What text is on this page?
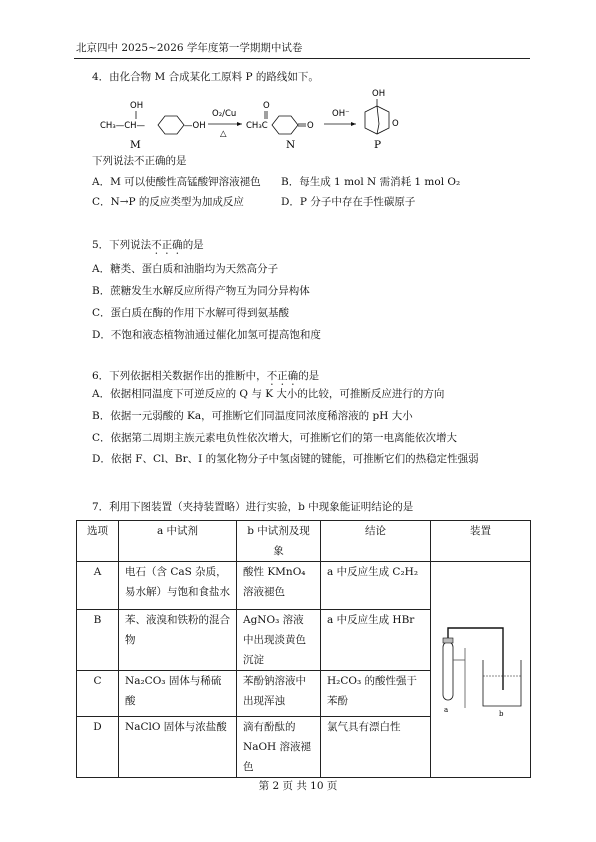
北京四中 2025~2026 学年度第一学期期中试卷
4．由化合物 M 合成某化工原料 P 的路线如下。
CH₃—CH—
OH
—OH
O₂/Cu
△
CH₃C
O
O
OH⁻
OH
O
M	N	P
下列说法不正确的是
A．M 可以使酸性高锰酸钾溶液褪色 B．每生成 1 mol N 需消耗 1 mol O₂
C．N→P 的反应类型为加成反应	D．P 分子中存在手性碳原子
5．下列说法不正确的是
A．糖类、蛋白质和油脂均为天然高分子
B．蔗糖发生水解反应所得产物互为同分异构体
C．蛋白质在酶的作用下水解可得到氨基酸
D．不饱和液态植物油通过催化加氢可提高饱和度
6．下列依据相关数据作出的推断中，不正确的是
A．依据相同温度下可逆反应的 Q 与 K 大小的比较，可推断反应进行的方向
B．依据一元弱酸的 Ka，可推断它们同温度同浓度稀溶液的 pH 大小
C．依据第二周期主族元素电负性依次增大，可推断它们的第一电离能依次增大
D．依据 F、Cl、Br、I 的氢化物分子中氢卤键的键能，可推断它们的热稳定性强弱
7．利用下图装置（夹持装置略）进行实验，b 中现象能证明结论的是
选项	a 中试剂	b 中试剂及现象	结论	装置
A	电石（含 CaS 杂质，易水解）与饱和食盐水	酸性 KMnO₄ 溶液褪色	a 中反应生成 C₂H₂	a b

B	苯、液溴和铁粉的混合物	AgNO₃ 溶液中出现淡黄色沉淀	a 中反应生成 HBr	
C	Na₂CO₃ 固体与稀硫酸	苯酚钠溶液中出现浑浊	H₂CO₃ 的酸性强于苯酚	
D	NaClO 固体与浓盐酸	滴有酚酞的 NaOH 溶液褪色	氯气具有漂白性	
第 2 页 共 10 页
